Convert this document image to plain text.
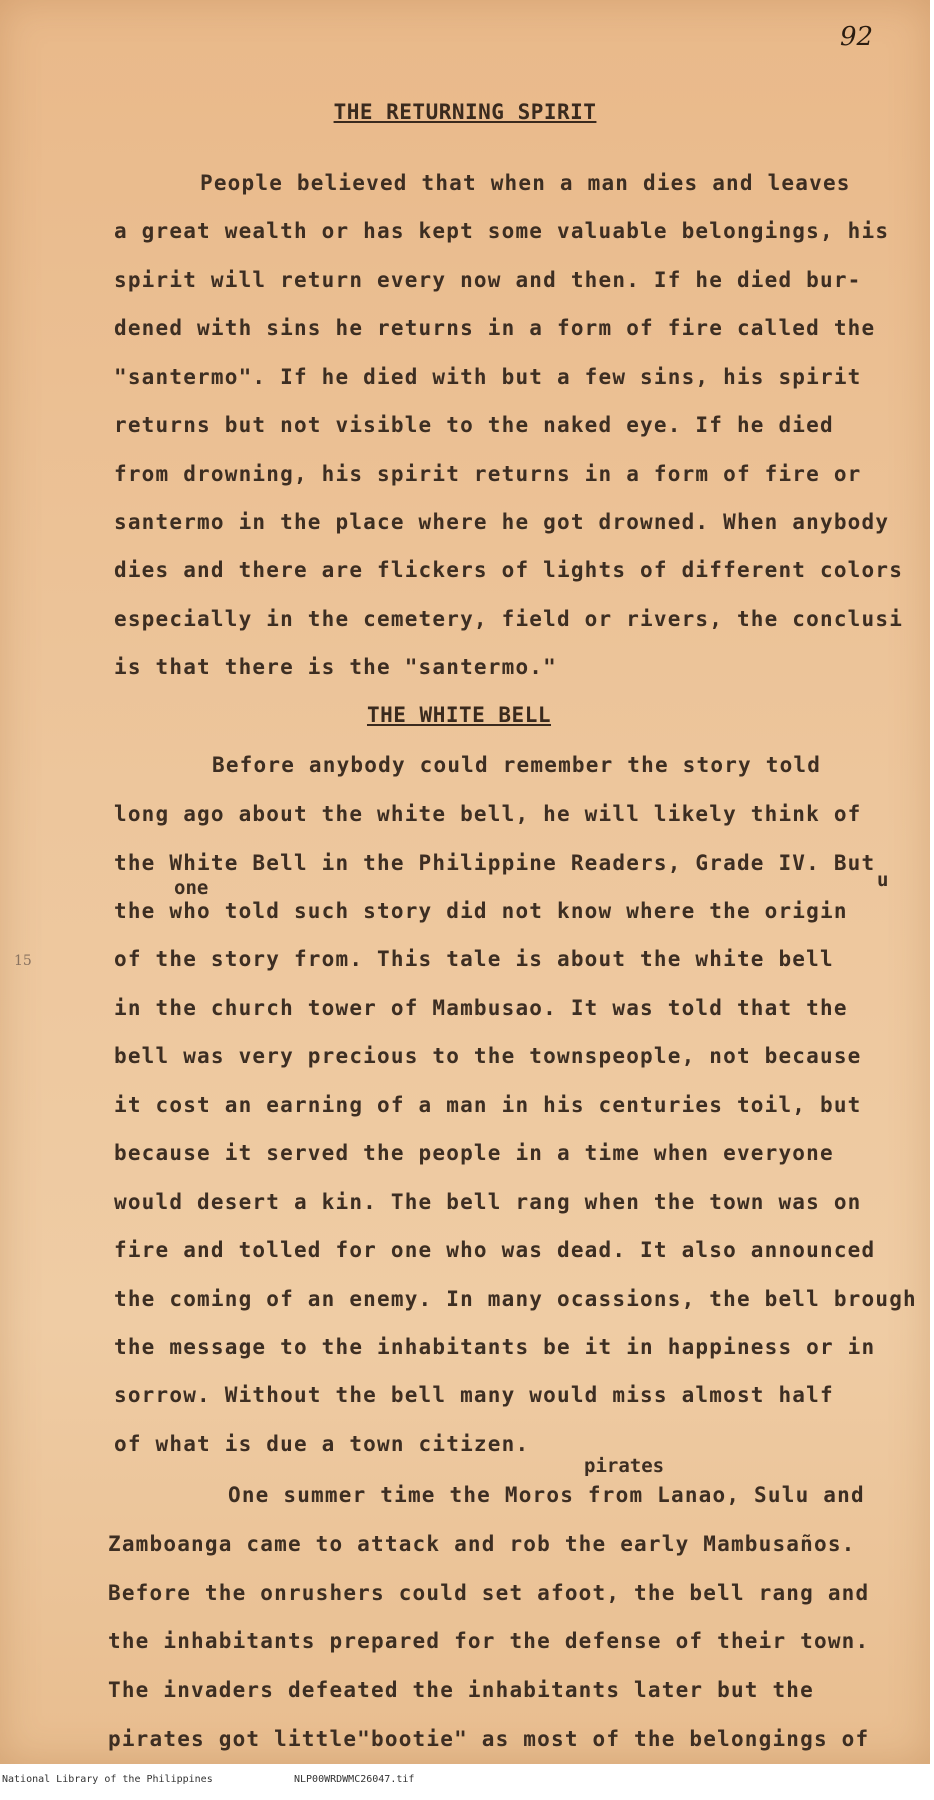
92
THE RETURNING SPIRIT
People believed that when a man dies and leaves
a great wealth or has kept some valuable belongings, his
spirit will return every now and then. If he died bur-
dened with sins he returns in a form of fire called the
"santermo". If he died with but a few sins, his spirit
returns but not visible to the naked eye. If he died
from drowning, his spirit returns in a form of fire or
santermo in the place where he got drowned. When anybody
dies and there are flickers of lights of different colors
especially in the cemetery, field or rivers, the conclusi
is that there is the "santermo."
THE WHITE BELL
Before anybody could remember the story told
long ago about the white bell, he will likely think of
the White Bell in the Philippine Readers, Grade IV. But
one	u
the who told such story did not know where the origin
of the story from. This tale is about the white bell
in the church tower of Mambusao. It was told that the
bell was very precious to the townspeople, not because
it cost an earning of a man in his centuries toil, but
because it served the people in a time when everyone
would desert a kin. The bell rang when the town was on
fire and tolled for one who was dead. It also announced
the coming of an enemy. In many ocassions, the bell brough
the message to the inhabitants be it in happiness or in
sorrow. Without the bell many would miss almost half
of what is due a town citizen.
pirates
One summer time the Moros from Lanao, Sulu and
Zamboanga came to attack and rob the early Mambusaños.
Before the onrushers could set afoot, the bell rang and
the inhabitants prepared for the defense of their town.
The invaders defeated the inhabitants later but the
pirates got little"bootie" as most of the belongings of
15
National Library of the Philippines	NLP00WRDWMC26047.tif
